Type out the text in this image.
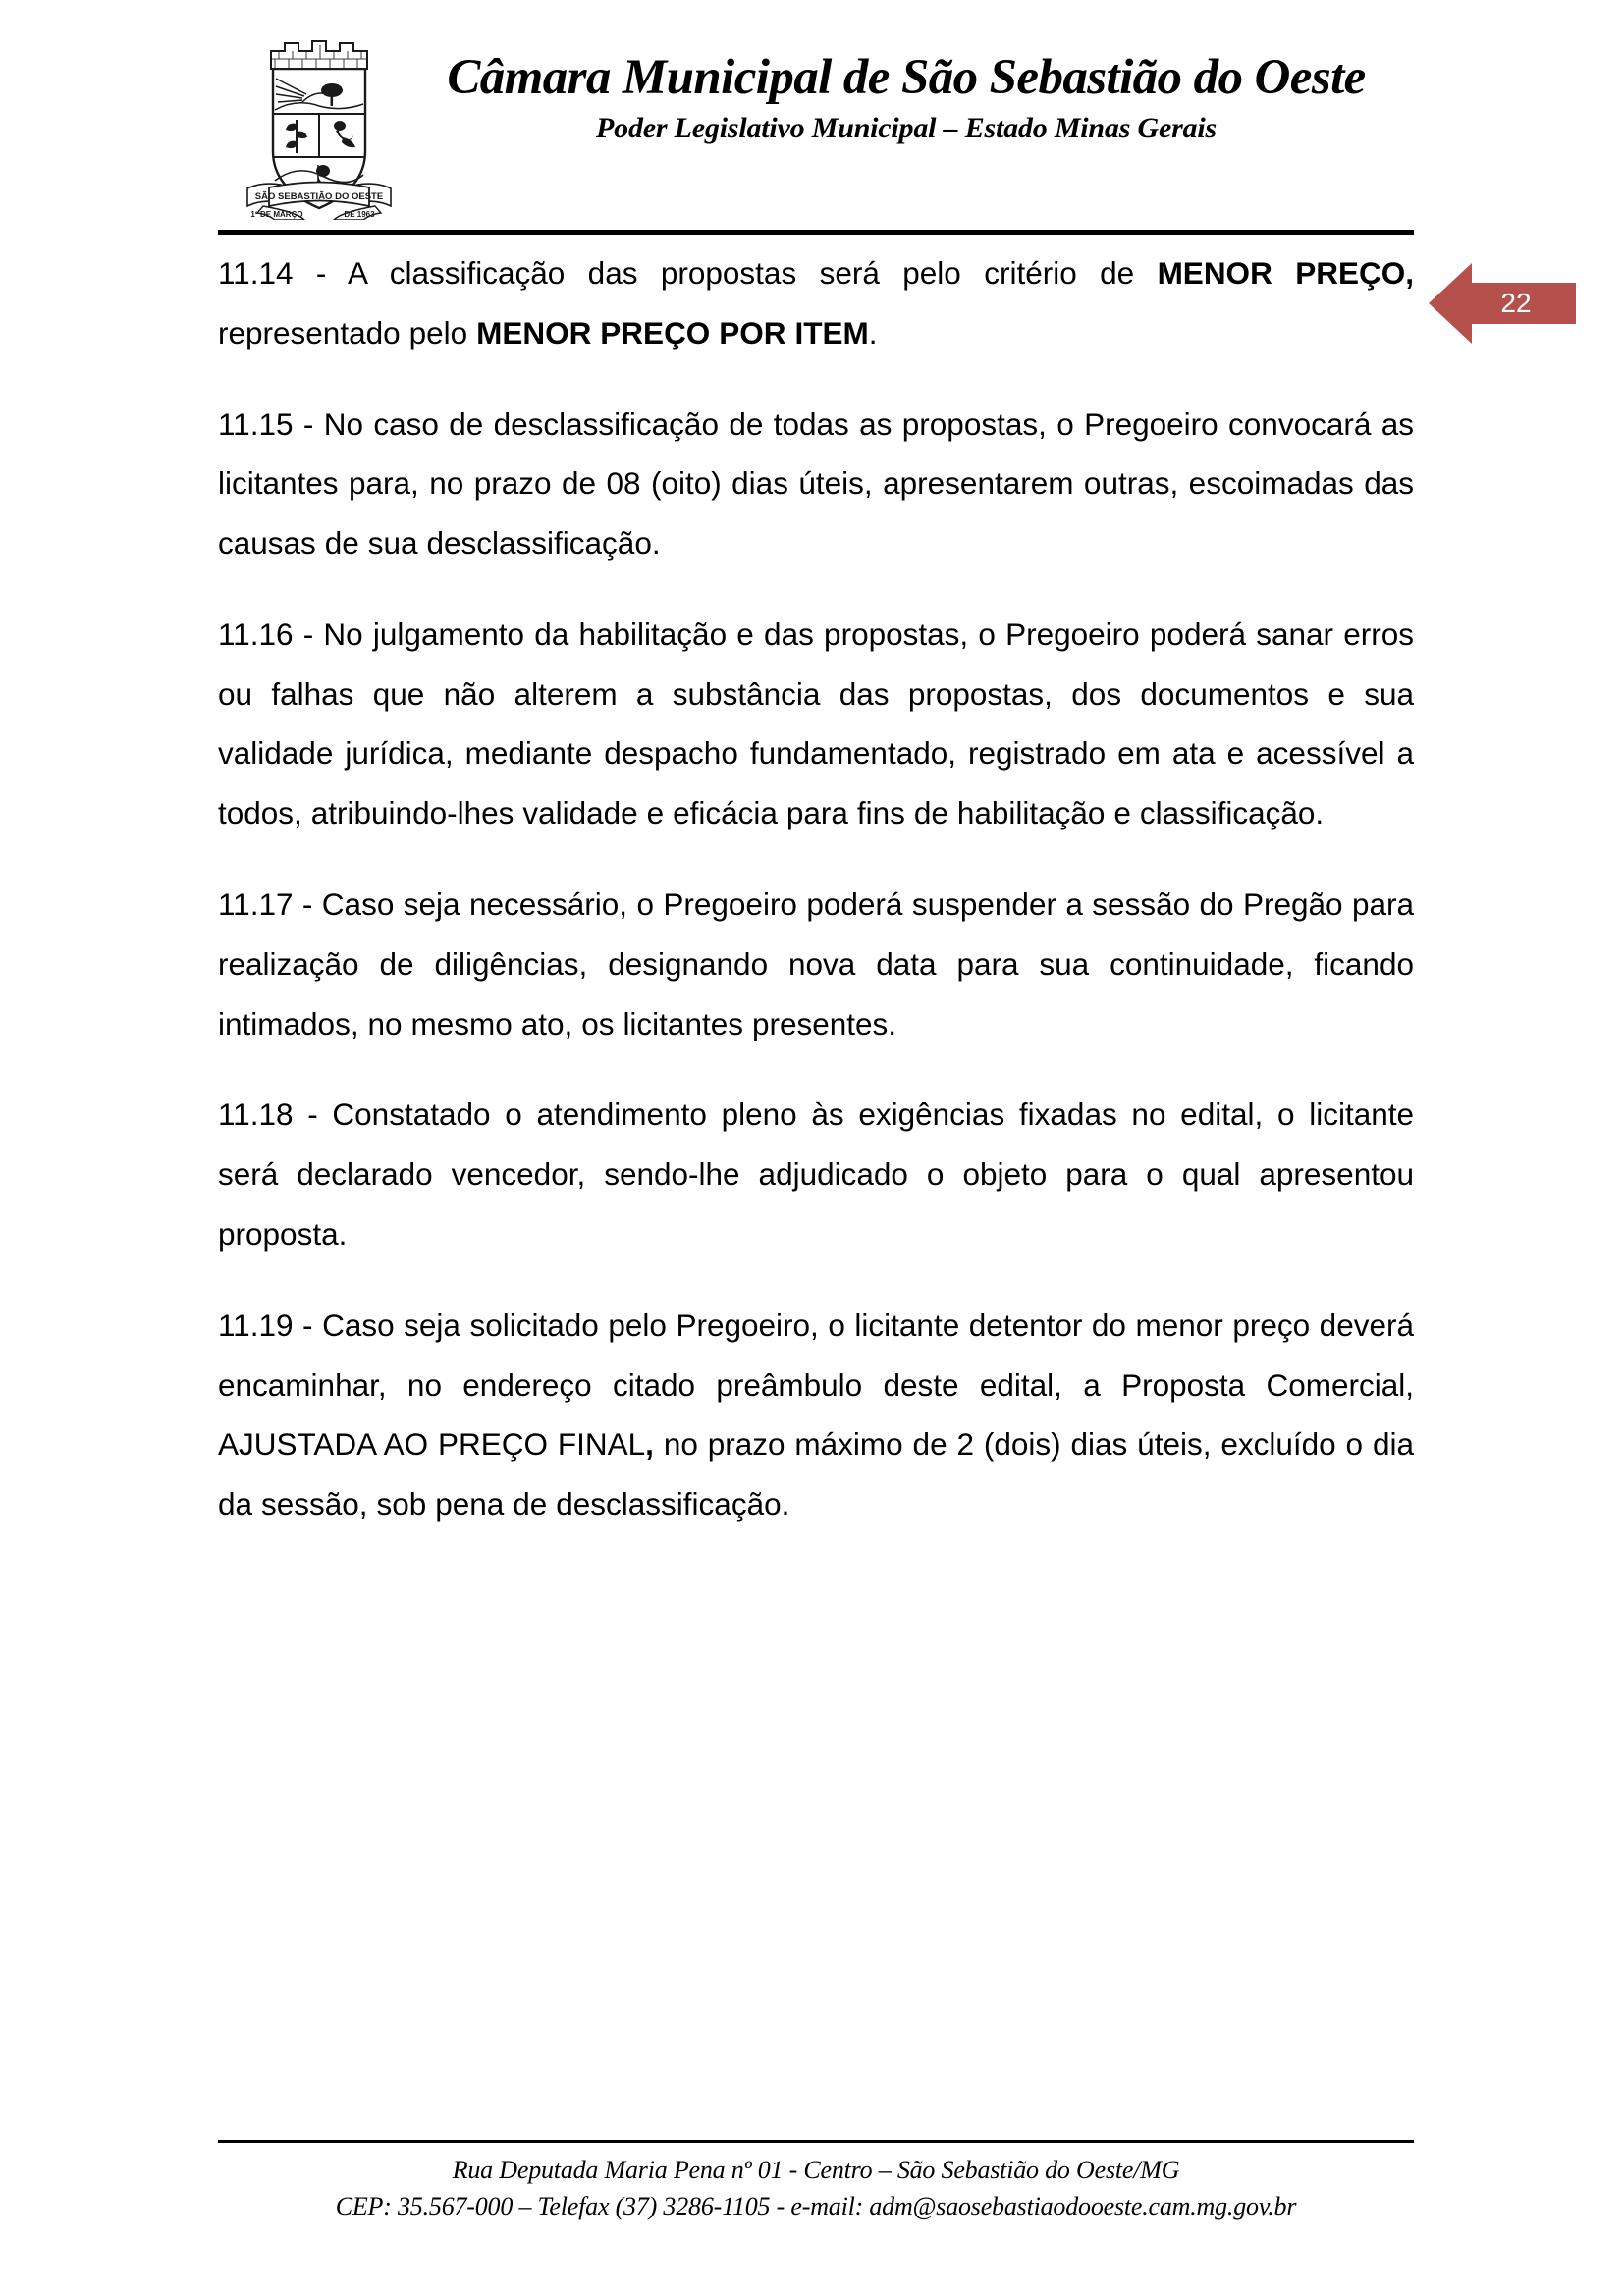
SÃO SEBASTIÃO DO OESTE
1º DE MARÇO	DE 1963
Câmara Municipal de São Sebastião do Oeste
Poder Legislativo Municipal – Estado Minas Gerais
22

11.14 - A classificação das propostas será pelo critério de MENOR PREÇO, representado pelo MENOR PREÇO POR ITEM.

11.15 - No caso de desclassificação de todas as propostas, o Pregoeiro convocará as licitantes para, no prazo de 08 (oito) dias úteis, apresentarem outras, escoimadas das causas de sua desclassificação.

11.16 - No julgamento da habilitação e das propostas, o Pregoeiro poderá sanar erros ou falhas que não alterem a substância das propostas, dos documentos e sua validade jurídica, mediante despacho fundamentado, registrado em ata e acessível a todos, atribuindo-lhes validade e eficácia para fins de habilitação e classificação.

11.17 - Caso seja necessário, o Pregoeiro poderá suspender a sessão do Pregão para realização de diligências, designando nova data para sua continuidade, ficando intimados, no mesmo ato, os licitantes presentes.

11.18 - Constatado o atendimento pleno às exigências fixadas no edital, o licitante será declarado vencedor, sendo-lhe adjudicado o objeto para o qual apresentou proposta.

11.19 - Caso seja solicitado pelo Pregoeiro, o licitante detentor do menor preço deverá encaminhar, no endereço citado preâmbulo deste edital, a Proposta Comercial, AJUSTADA AO PREÇO FINAL, no prazo máximo de 2 (dois) dias úteis, excluído o dia da sessão, sob pena de desclassificação.

Rua Deputada Maria Pena nº 01 - Centro – São Sebastião do Oeste/MG
CEP: 35.567-000 – Telefax (37) 3286-1105 - e-mail: adm@saosebastiaodooeste.cam.mg.gov.br
